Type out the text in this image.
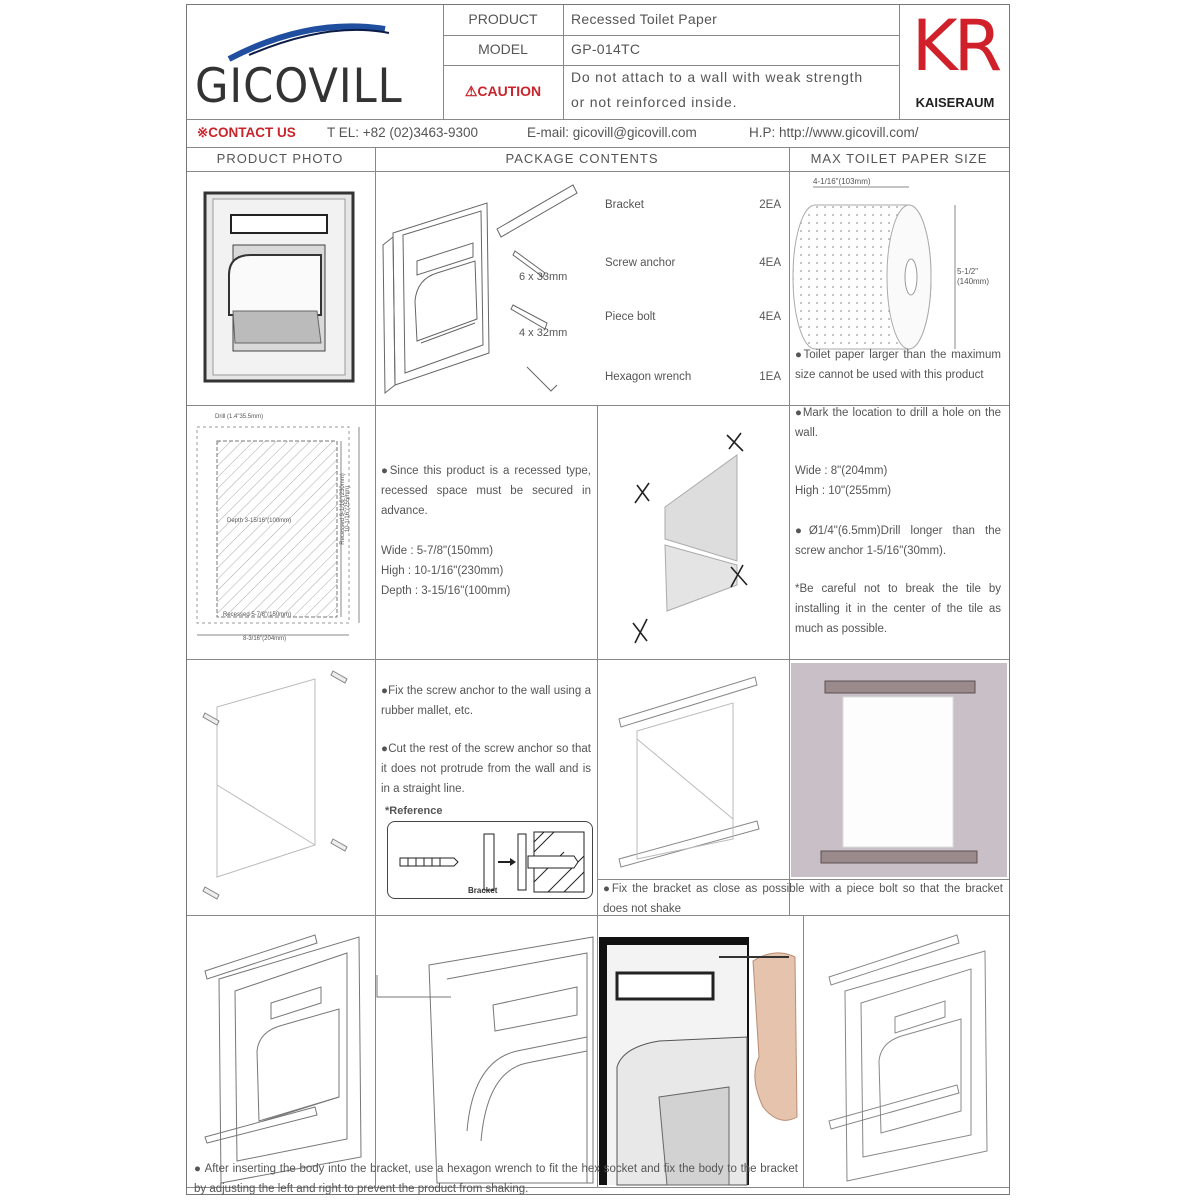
GICOVILL
PRODUCT	Recessed Toilet Paper
MODEL	GP-014TC
⚠CAUTION
Do not attach to a wall with weak strength
or not reinforced inside.
KR
KAISERAUM
※CONTACT US T EL: +82 (02)3463-9300	E-mail: gicovill@gicovill.com	H.P: http://www.gicovill.com/
PRODUCT PHOTO	PACKAGE CONTENTS	MAX TOILET PAPER SIZE
6 x 33mm
4 x 32mm
Bracket	2EA
Screw anchor	4EA
Piece bolt	4EA
Hexagon wrench	1EA
4-1/16"(103mm)
5-1/2"(140mm)
●Toilet paper larger than the maximum size cannot be used with this product
Drill (1.4"35.5mm)
Depth 3-15/16"(100mm)
Recessed 5-7/8"(150mm)
8-3/16"(204mm)
Recessed 9-1/16"(230mm) 10-1/16"(255mm)
●Since this product is a recessed type, recessed space must be secured in advance.
Wide : 5-7/8"(150mm)
High : 10-1/16"(230mm)
Depth : 3-15/16"(100mm)
●Mark the location to drill a hole on the wall.
Wide : 8"(204mm)
High : 10"(255mm)
●Ø1/4"(6.5mm)Drill longer than the screw anchor 1-5/16"(30mm).
*Be careful not to break the tile by installing it in the center of the tile as much as possible.
●Fix the screw anchor to the wall using a rubber mallet, etc.
●Cut the rest of the screw anchor so that it does not protrude from the wall and is in a straight line.
*Reference
Bracket	●Fix the bracket as close as possible with a piece bolt so that the bracket does not shake
● After inserting the body into the bracket, use a hexagon wrench to fit the hex socket and fix the body to the bracket by adjusting the left and right to prevent the product from shaking.
